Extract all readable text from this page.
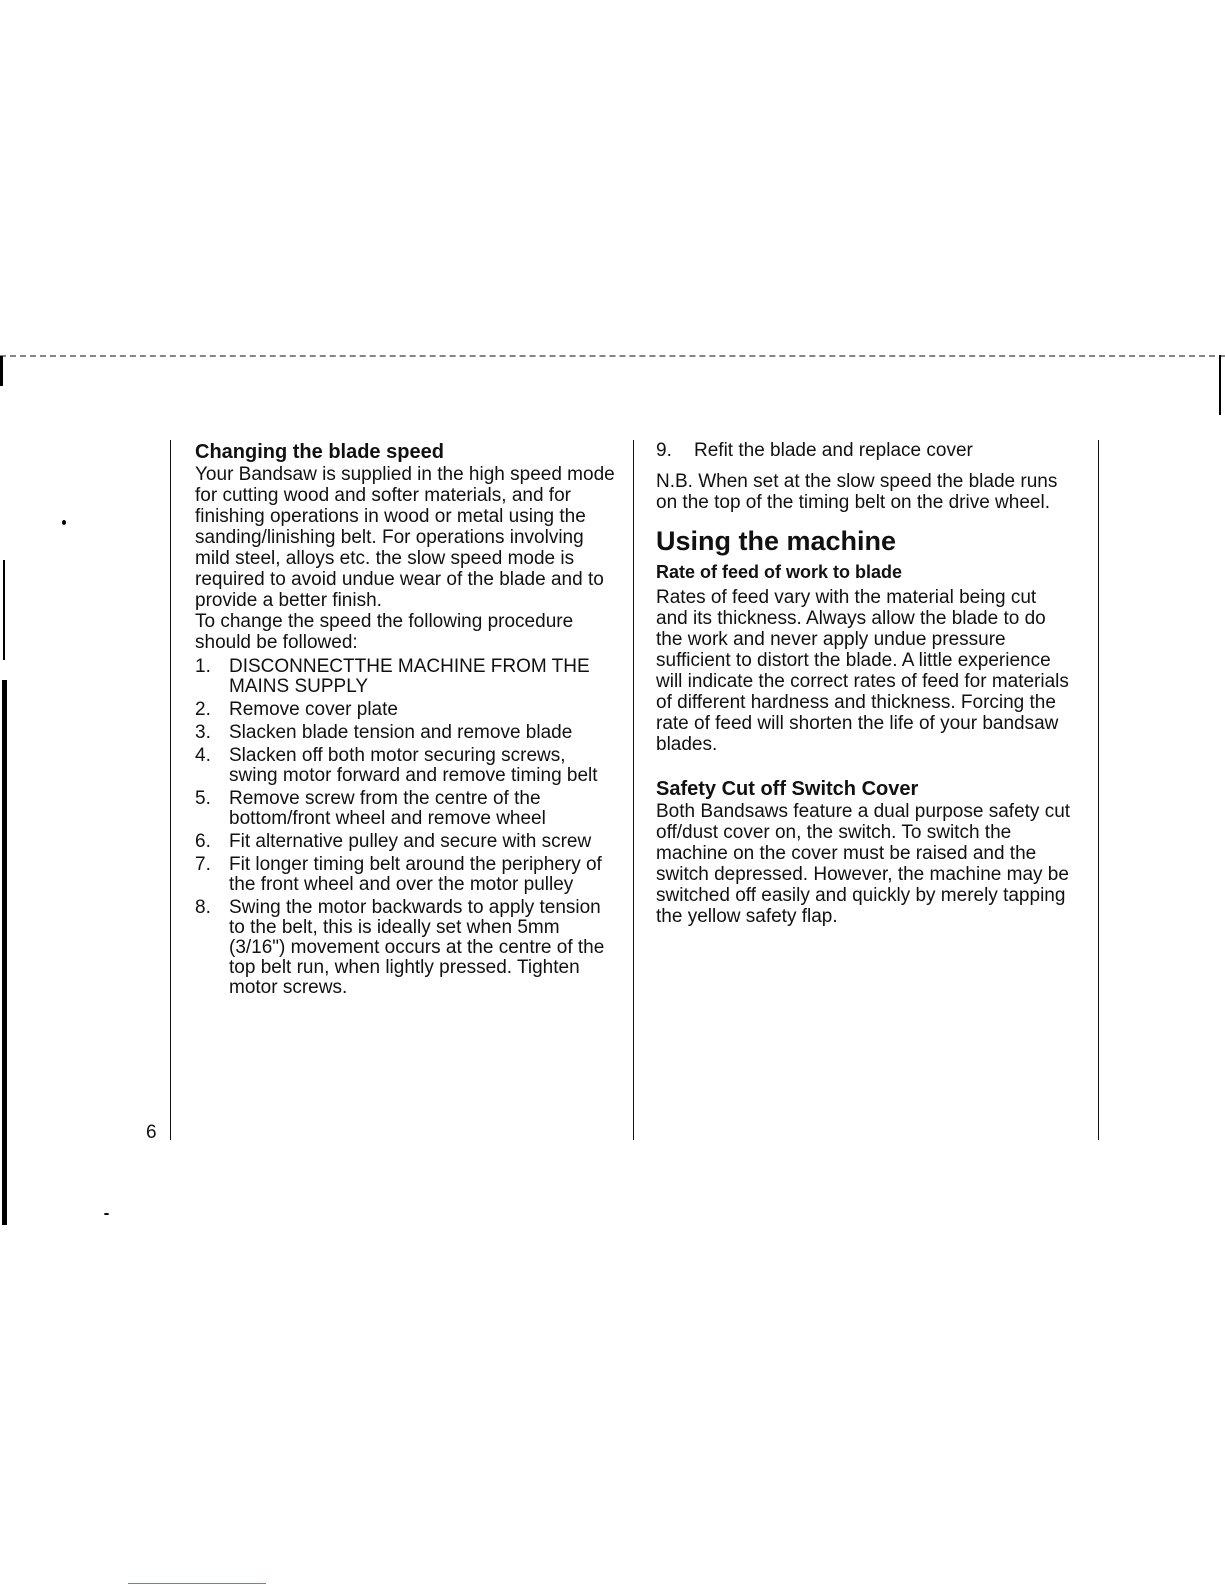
6
Changing the blade speed

Your Bandsaw is supplied in the high speed mode for cutting wood and softer materials, and for finishing operations in wood or metal using the sanding/linishing belt. For operations involving mild steel, alloys etc. the slow speed mode is required to avoid undue wear of the blade and to provide a better finish.

To change the speed the following procedure should be followed:

1. DISCONNECTTHE MACHINE FROM THE MAINS SUPPLY
2. Remove cover plate
3. Slacken blade tension and remove blade
4. Slacken off both motor securing screws, swing motor forward and remove timing belt
5. Remove screw from the centre of the bottom/front wheel and remove wheel
6. Fit alternative pulley and secure with screw
7. Fit longer timing belt around the periphery of the front wheel and over the motor pulley
8. Swing the motor backwards to apply tension to the belt, this is ideally set when 5mm (3/16") movement occurs at the centre of the top belt run, when lightly pressed. Tighten motor screws.
9. Refit the blade and replace cover

N.B. When set at the slow speed the blade runs on the top of the timing belt on the drive wheel.

Using the machine
Rate of feed of work to blade

Rates of feed vary with the material being cut and its thickness. Always allow the blade to do the work and never apply undue pressure sufficient to distort the blade. A little experience will indicate the correct rates of feed for materials of different hardness and thickness. Forcing the rate of feed will shorten the life of your bandsaw blades.

Safety Cut off Switch Cover

Both Bandsaws feature a dual purpose safety cut off/dust cover on, the switch. To switch the machine on the cover must be raised and the switch depressed. However, the machine may be switched off easily and quickly by merely tapping the yellow safety flap.
